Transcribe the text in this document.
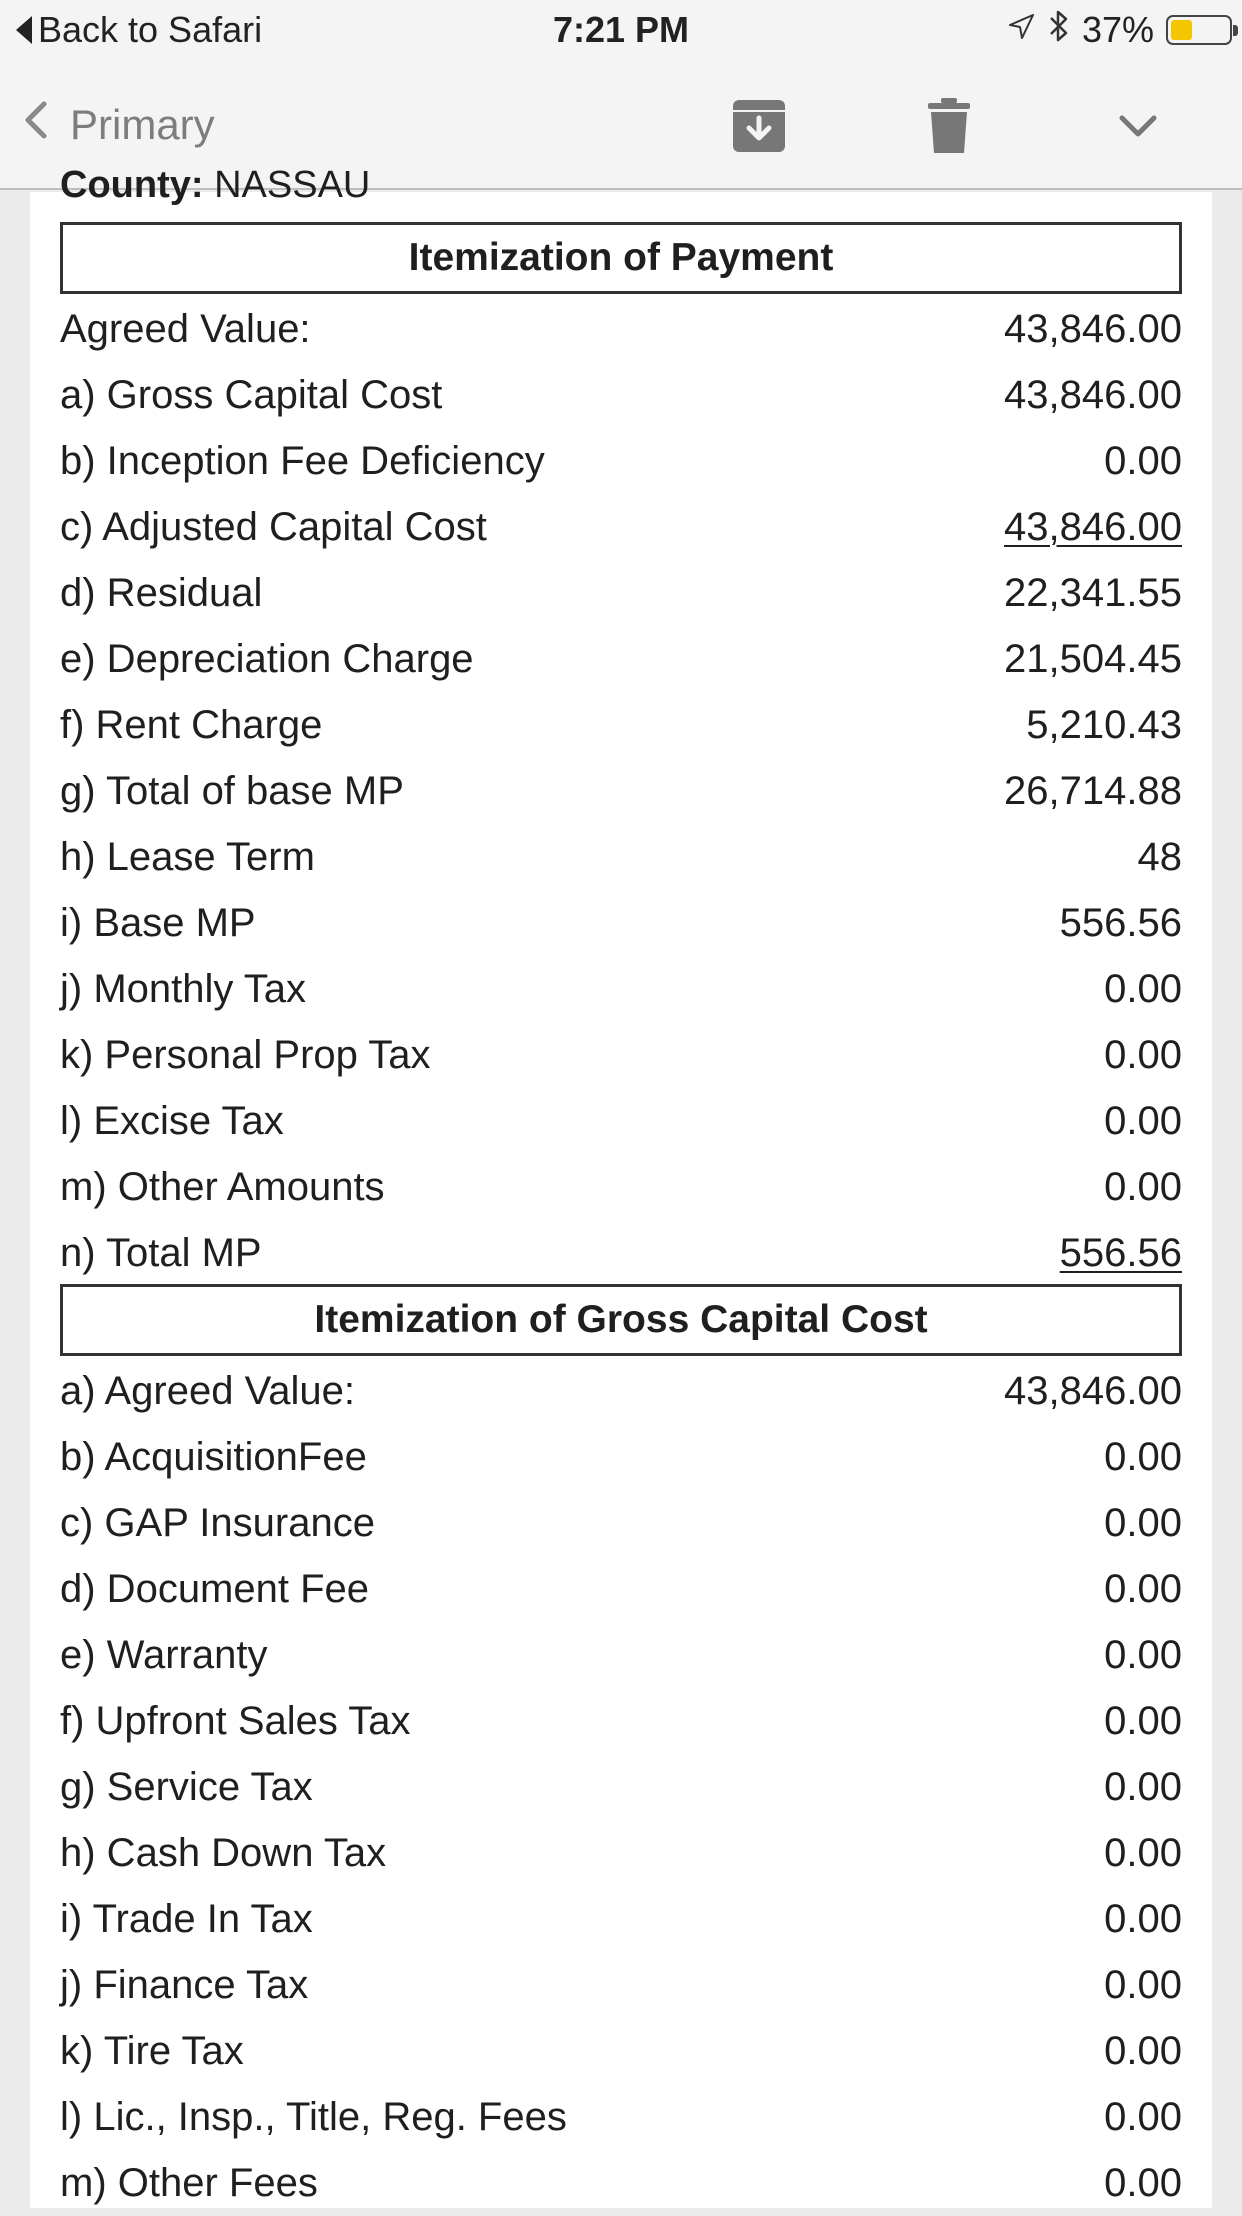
Back to Safari	7:21 PM	37%
Primary
County: NASSAU
Itemization of Payment
Agreed Value:	43,846.00
a) Gross Capital Cost	43,846.00
b) Inception Fee Deficiency	0.00
c) Adjusted Capital Cost	43,846.00
d) Residual	22,341.55
e) Depreciation Charge	21,504.45
f) Rent Charge	5,210.43
g) Total of base MP	26,714.88
h) Lease Term	48
i) Base MP	556.56
j) Monthly Tax	0.00
k) Personal Prop Tax	0.00
l) Excise Tax	0.00
m) Other Amounts	0.00
n) Total MP	556.56
Itemization of Gross Capital Cost
a) Agreed Value:	43,846.00
b) AcquisitionFee	0.00
c) GAP Insurance	0.00
d) Document Fee	0.00
e) Warranty	0.00
f) Upfront Sales Tax	0.00
g) Service Tax	0.00
h) Cash Down Tax	0.00
i) Trade In Tax	0.00
j) Finance Tax	0.00
k) Tire Tax	0.00
l) Lic., Insp., Title, Reg. Fees	0.00
m) Other Fees	0.00
